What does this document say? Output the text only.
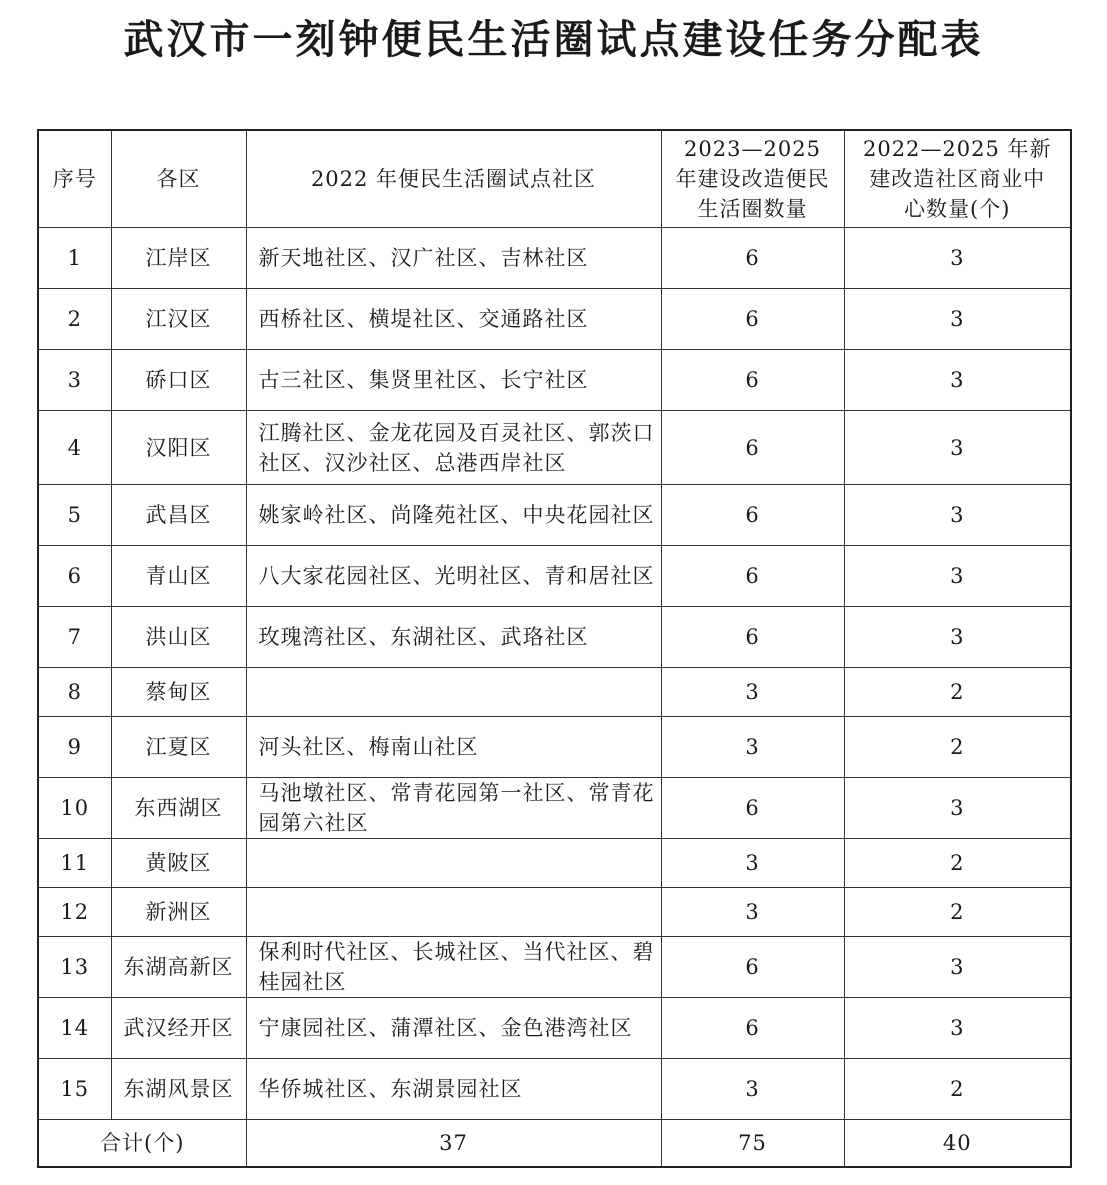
武汉市一刻钟便民生活圈试点建设任务分配表
序号	各区	2022 年便民生活圈试点社区	2023—2025 年建设改造便民生活圈数量	2022—2025 年新建改造社区商业中心数量(个)
1	江岸区	新天地社区、汉广社区、吉林社区	6	3
2	江汉区	西桥社区、横堤社区、交通路社区	6	3
3	硚口区	古三社区、集贤里社区、长宁社区	6	3
4	汉阳区	江腾社区、金龙花园及百灵社区、郭茨口社区、汉沙社区、总港西岸社区	6	3
5	武昌区	姚家岭社区、尚隆苑社区、中央花园社区	6	3
6	青山区	八大家花园社区、光明社区、青和居社区	6	3
7	洪山区	玫瑰湾社区、东湖社区、武珞社区	6	3
8	蔡甸区		3	2
9	江夏区	河头社区、梅南山社区	3	2
10	东西湖区	马池墩社区、常青花园第一社区、常青花园第六社区	6	3
11	黄陂区		3	2
12	新洲区		3	2
13	东湖高新区	保利时代社区、长城社区、当代社区、碧桂园社区	6	3
14	武汉经开区	宁康园社区、蒲潭社区、金色港湾社区	6	3
15	东湖风景区	华侨城社区、东湖景园社区	3	2
合计(个)		37	75	40
